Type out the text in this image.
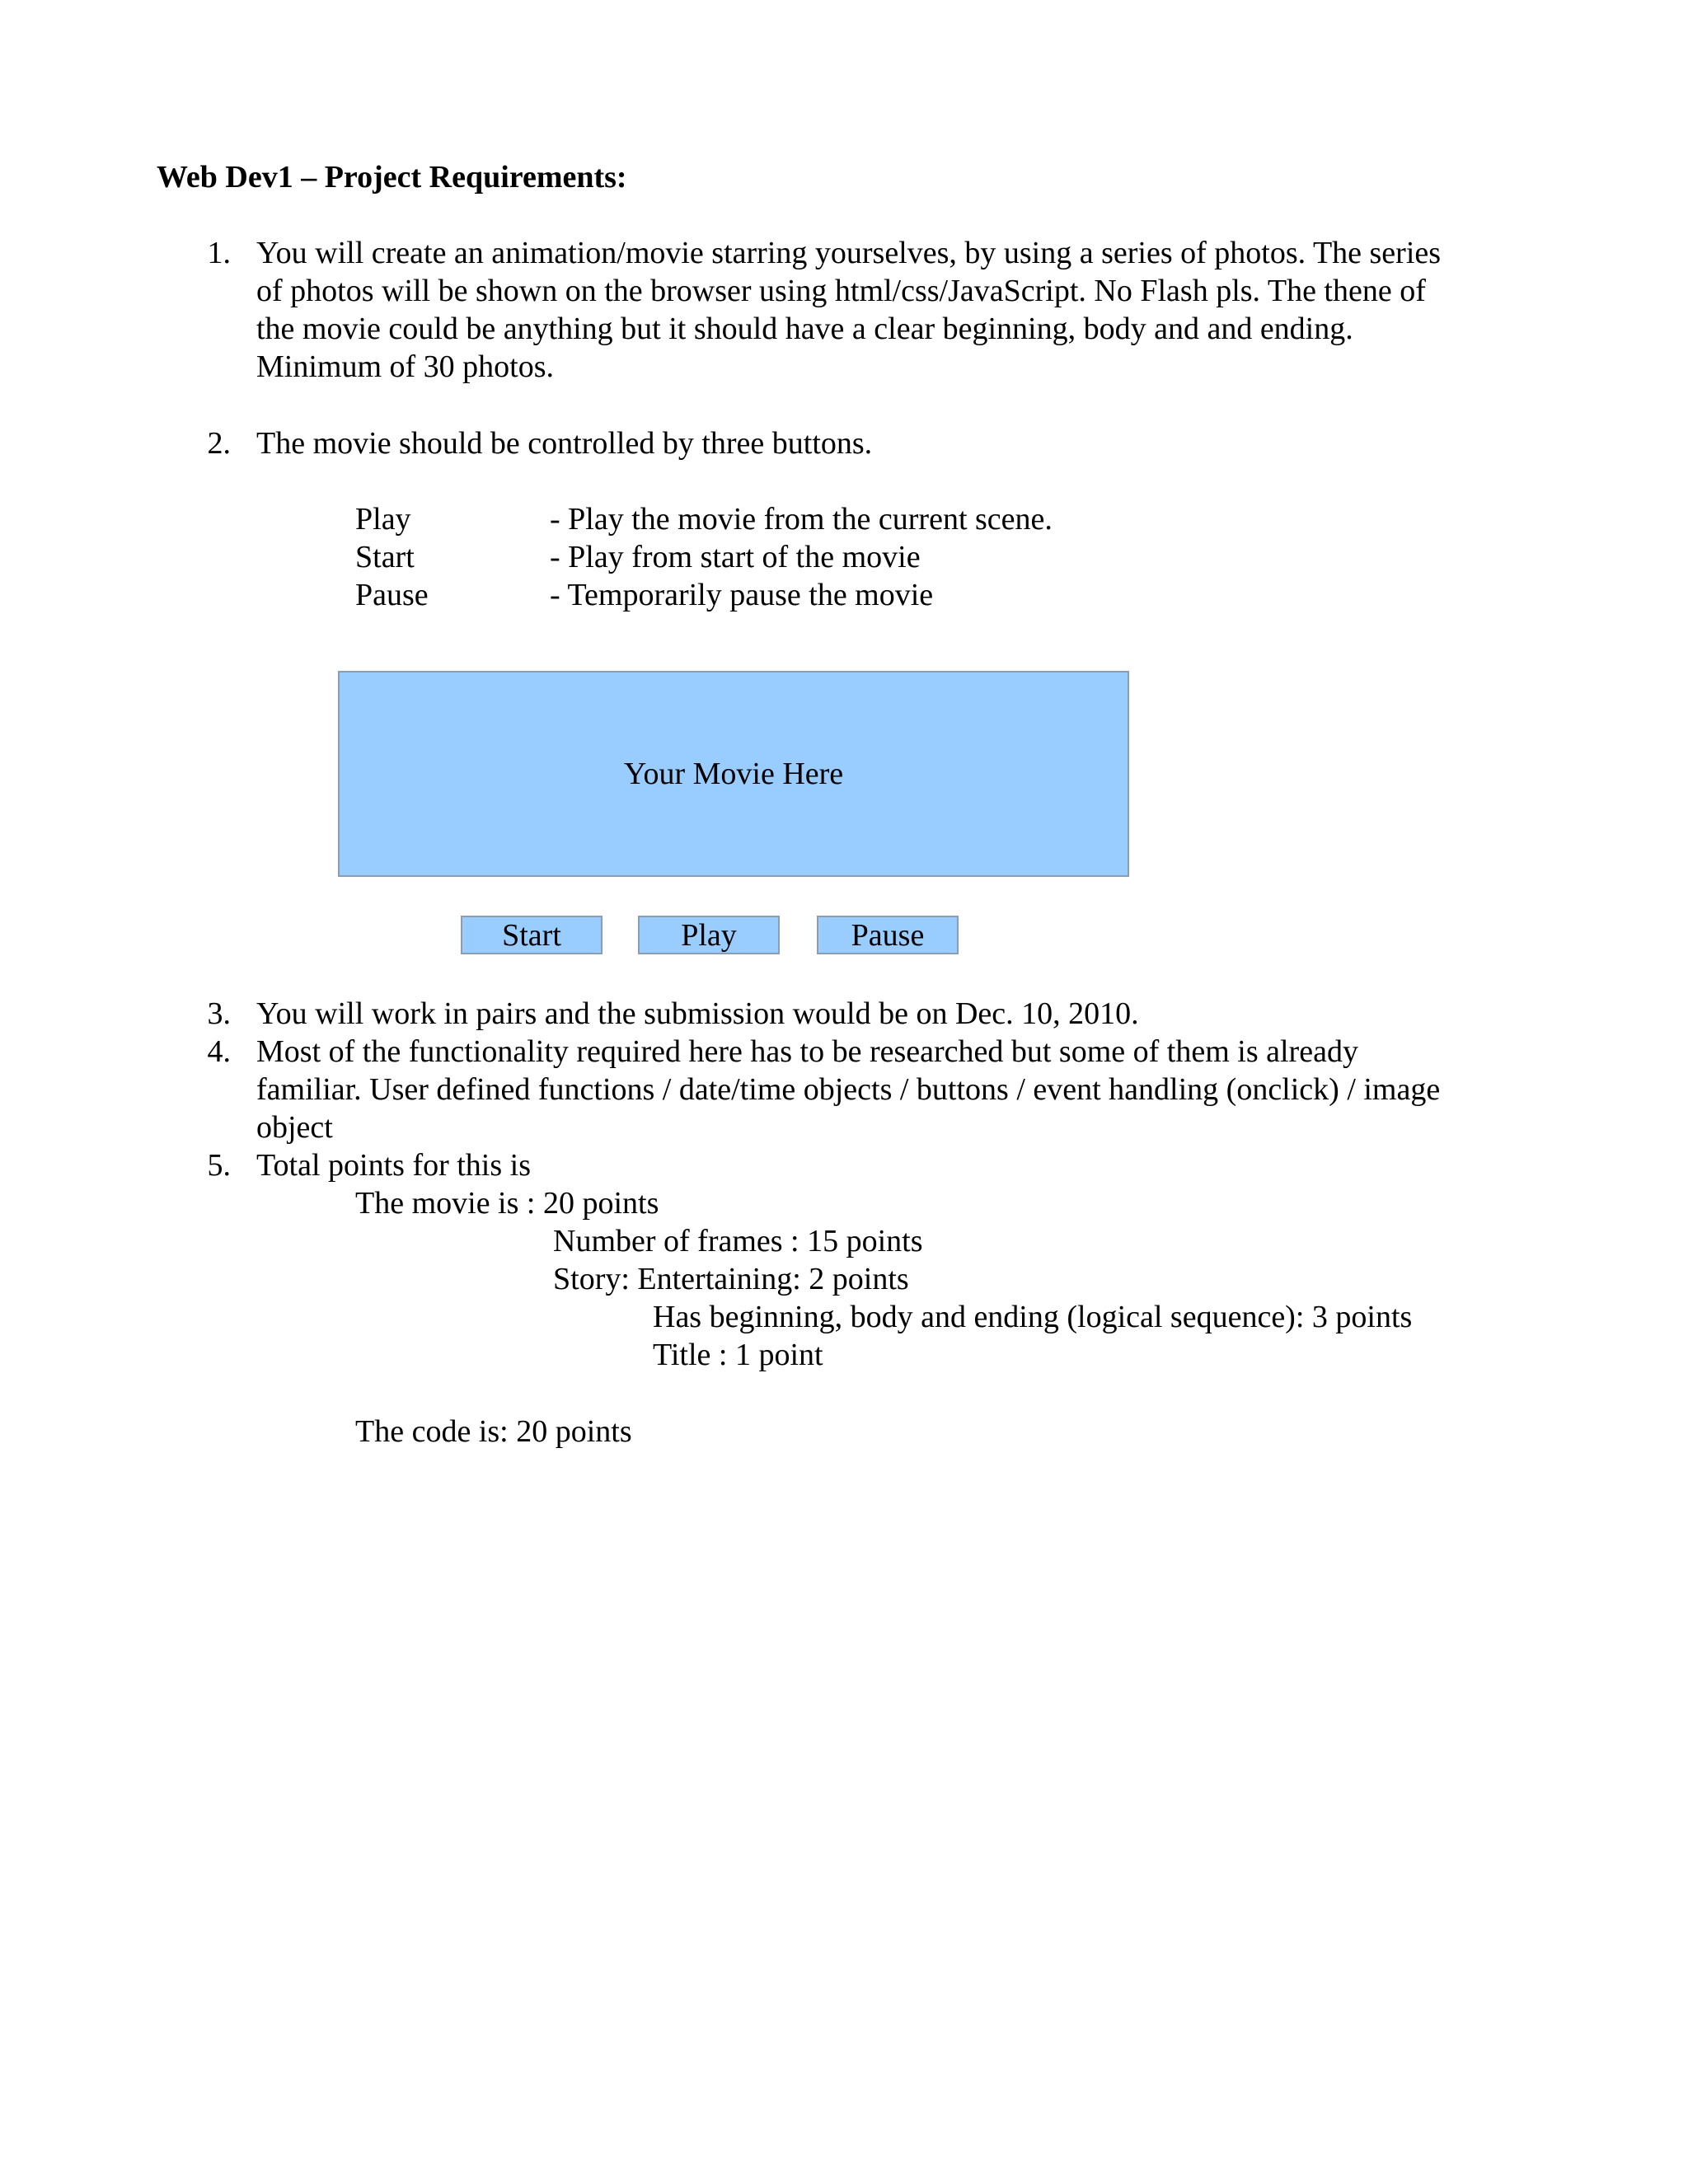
Web Dev1 – Project Requirements:
1. You will create an animation/movie starring yourselves, by using a series of photos. The series
of photos will be shown on the browser using html/css/JavaScript. No Flash pls. The thene of
the movie could be anything but it should have a clear beginning, body and and ending.
Minimum of 30 photos.
2. The movie should be controlled by three buttons.
Play	- Play the movie from the current scene.
Start	- Play from start of the movie
Pause	- Temporarily pause the movie
Your Movie Here
Start	Play	Pause
3. You will work in pairs and the submission would be on Dec. 10, 2010.
4. Most of the functionality required here has to be researched but some of them is already
familiar. User defined functions / date/time objects / buttons / event handling (onclick) / image
object
5. Total points for this is
The movie is : 20 points
Number of frames : 15 points
Story: Entertaining: 2 points
Has beginning, body and ending (logical sequence): 3 points
Title : 1 point
The code is: 20 points
